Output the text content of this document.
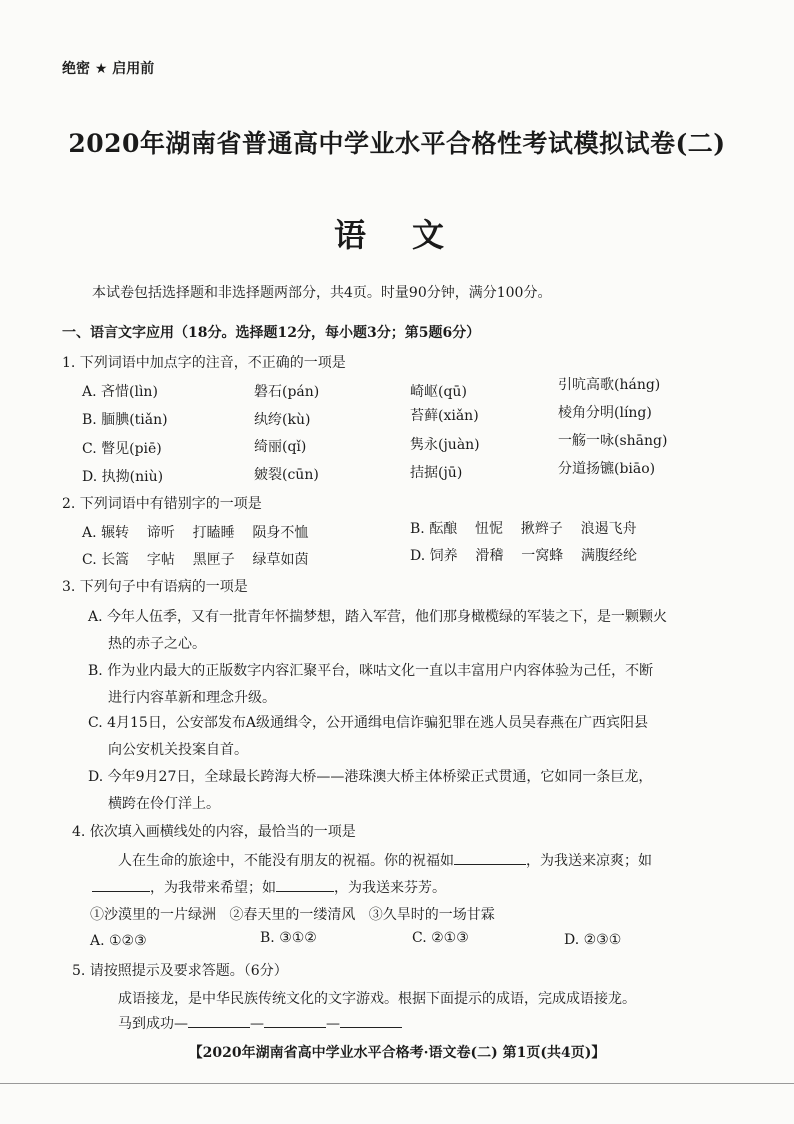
绝密 ★ 启用前
2020年湖南省普通高中学业水平合格性考试模拟试卷(二)
语文
本试卷包括选择题和非选择题两部分，共4页。时量90分钟，满分100分。
一、语言文字应用（18分。选择题12分，每小题3分；第5题6分）
1. 下列词语中加点字的注音，不正确的一项是
A. 吝惜(lìn)	磐石(pán)	崎岖(qū)	引吭高歌(háng)
B. 腼腆(tiǎn)	纨绔(kù)	苔藓(xiǎn)	棱角分明(líng)
C. 瞥见(piē)	绮丽(qǐ)	隽永(juàn)	一觞一咏(shāng)
D. 执拗(niù)	皴裂(cūn)	拮据(jū)	分道扬镳(biāo)
2. 下列词语中有错别字的一项是
A. 辗转    谛听    打瞌睡    陨身不恤	B. 酝酿    忸怩    揪辫子    浪遏飞舟
C. 长篙    字帖    黑匣子    绿草如茵	D. 饲养    滑稽    一窝蜂    满腹经纶
3. 下列句子中有语病的一项是
A. 今年人伍季，又有一批青年怀揣梦想，踏入军营，他们那身橄榄绿的军装之下，是一颗颗火
热的赤子之心。
B. 作为业内最大的正版数字内容汇聚平台，咪咕文化一直以丰富用户内容体验为己任，不断
进行内容革新和理念升级。
C. 4月15日，公安部发布A级通缉令，公开通缉电信诈骗犯罪在逃人员吴春燕在广西宾阳县
向公安机关投案自首。
D. 今年9月27日，全球最长跨海大桥——港珠澳大桥主体桥梁正式贯通，它如同一条巨龙，
横跨在伶仃洋上。
4. 依次填入画横线处的内容，最恰当的一项是
人在生命的旅途中，不能没有朋友的祝福。你的祝福如	，为我送来凉爽；如
，为我带来希望；如	，为我送来芬芳。
①沙漠里的一片绿洲   ②春天里的一缕清风   ③久旱时的一场甘霖
A. ①②③	B. ③①②	C. ②①③	D. ②③①
5. 请按照提示及要求答题。（6分）
成语接龙，是中华民族传统文化的文字游戏。根据下面提示的成语，完成成语接龙。
马到成功—	—	—
【2020年湖南省高中学业水平合格考·语文卷(二) 第1页(共4页)】
